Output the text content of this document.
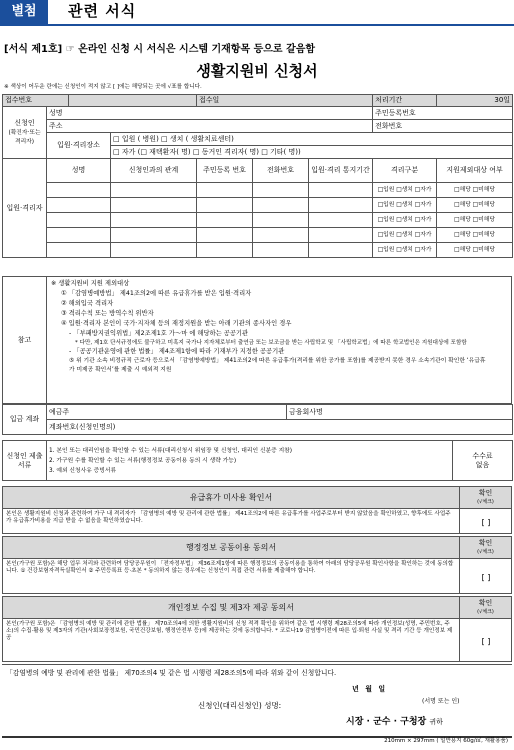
별첨	관련 서식
[서식 제1호] ☞ 온라인 신청 시 서식은 시스템 기재항목 등으로 갈음함
생활지원비 신청서
※ 색상이 어두운 란에는 신청인이 적지 않고 [ ]에는 해당되는 곳에 √표를 합니다.
접수번호				접수일			처리기간	30일
신청인
(확진자·또는 격리자)	성명						주민등록번호	
	주소						전화번호	
	입원·격리장소		□ 입원 ( 병원) □ 생치 ( 생활치료센터)					
			□ 자가 (□ 재택환자( 명) □ 동거인 격리자( 명) □ 기타( 명))					
입원·격리자	성명		신청인과의 관계	주민등록 번호	전화번호	입원·격리 통지기간	격리구분	지원제외대상 여부
							□입원 □생치 □자가	□해당 □미해당
							□입원 □생치 □자가	□해당 □미해당
							□입원 □생치 □자가	□해당 □미해당
							□입원 □생치 □자가	□해당 □미해당
							□입원 □생치 □자가	□해당 □미해당
참고
※ 생활지원비 지원 제외대상
① 「감염병예방법」 제41조의2에 따른 유급휴가를 받은 입원·격리자
② 해외입국 격리자
③ 격리수칙 또는 방역수칙 위반자
④ 입원·격리자 본인이 국가·지자체 등의 재정지원을 받는 아래 기관의 종사자인 경우
- 「부패방지권익위법」제2조제1호 가～마 에 해당하는 공공기관
* 다만, 제1호 단서규정에도 불구하고 미혹지 국가나 지자체로부터 출연금 또는 보조금을 받는 사립학교 및 「사립학교법」에 따른 학교법인은 지원대상에 포함함
- 「공공기관운영에 관한 법률」 제4조제1항에 따라 기재부가 지정한 공공기관
⑤ 위 기관 소속 비정규직 근로자 등으로서 「감염병예방법」 제41조의2에 따른 유급휴가(격리를 위한 공가를 포함)를 제공받지 못한 경우 소속기관이 확인한 ‘유급휴가 미제공 확인서’를 제출 시 예외적 지원
입금 계좌	예금주	금융회사명
계좌번호(신청인명의)
신청인 제출서류	
1. 본인 또는 대리인임을 확인할 수 있는 서류(대리신청시 위임장 및 신청인, 대리인 신분증 지참)
2. 가구원 수를 확인할 수 있는 서류(행정정보 공동이용 동의 시 생략 가능)
3. 예외 신청사유 증빙서류

수수료
없음
유급휴가 미사용 확인서	확인
(√체크)
[ ]
본인은 생활지원비 신청과 관련하여 가구 내 격리자가 「감염병의 예방 및 관리에 관한 법률」 제41조의2에 따른 유급휴가를 사업주로부터 받지 않았음을 확인하였고, 향후에도 사업주가 유급휴가비용을 지급 받을 수 없음을 확인하였습니다.
행정정보 공동이용 동의서	확인
(√체크)
[ ]
본인(가구원 포함)은 해당 업무 처리와 관련하여 담당공무원이 「전자정부법」 제36조제1항에 따른 행정정보의 공동이용을 통하여 아래의 담당공무원 확인사항을 확인하는 것에 동의합니다. ① 건강보험자격득실확인서 ② 주민등록표 등·초본 * 동의하지 않는 경우에는 신청인이 직접 관련 서류를 제출해야 합니다.
개인정보 수집 및 제3자 제공 동의서	확인
(√체크)
[ ]
본인(가구원 포함)은 「감염병의 예방 및 관리에 관한 법률」 제70조의4에 의한 생활지원비의 신청 적격 확인을 위하여 같은 법 시행령 제28조의5에 따라 개인정보(성명, 주민번호, 주소)의 수집·활용 및 제3자의 기관(사회보장정보원, 국민건강보험, 행정안전부 등)에 제공하는 것에 동의합니다. * 코로나19 감염병이전에 따른 입·퇴원 사실 및 격리 기간 등 개인정보 제공
「감염병의 예방 및 관리에 관한 법률」 제70조의4 및 같은 법 시행령 제28조의5에 따라 위와 같이 신청합니다.
년 월 일
(서명 또는 인)
신청인(대리신청인) 성명:
시장 · 군수 · 구청장 귀하
210mm × 297mm ( 일반용지 60g/㎡, 재활용품)
